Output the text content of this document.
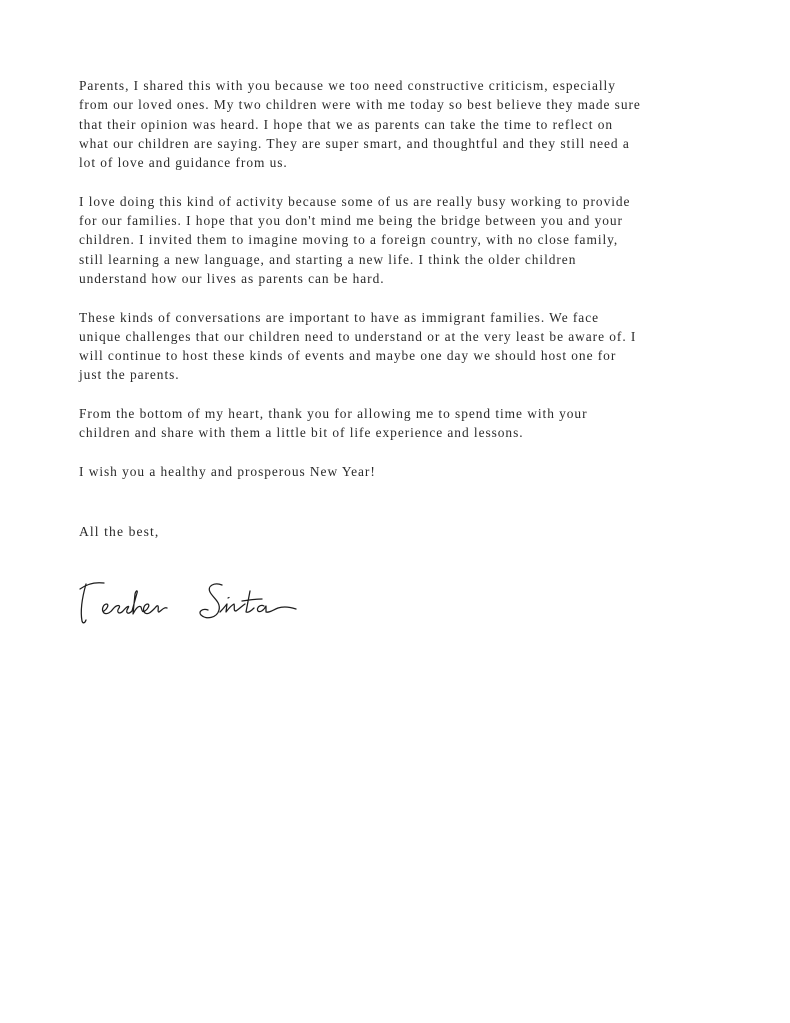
Parents, I shared this with you because we too need constructive criticism, especially
from our loved ones. My two children were with me today so best believe they made sure
that their opinion was heard. I hope that we as parents can take the time to reflect on
what our children are saying. They are super smart, and thoughtful and they still need a
lot of love and guidance from us.

I love doing this kind of activity because some of us are really busy working to provide
for our families. I hope that you don't mind me being the bridge between you and your
children. I invited them to imagine moving to a foreign country, with no close family,
still learning a new language, and starting a new life. I think the older children
understand how our lives as parents can be hard.

These kinds of conversations are important to have as immigrant families. We face
unique challenges that our children need to understand or at the very least be aware of. I
will continue to host these kinds of events and maybe one day we should host one for
just the parents.

From the bottom of my heart, thank you for allowing me to spend time with your
children and share with them a little bit of life experience and lessons.

I wish you a healthy and prosperous New Year!

All the best,
